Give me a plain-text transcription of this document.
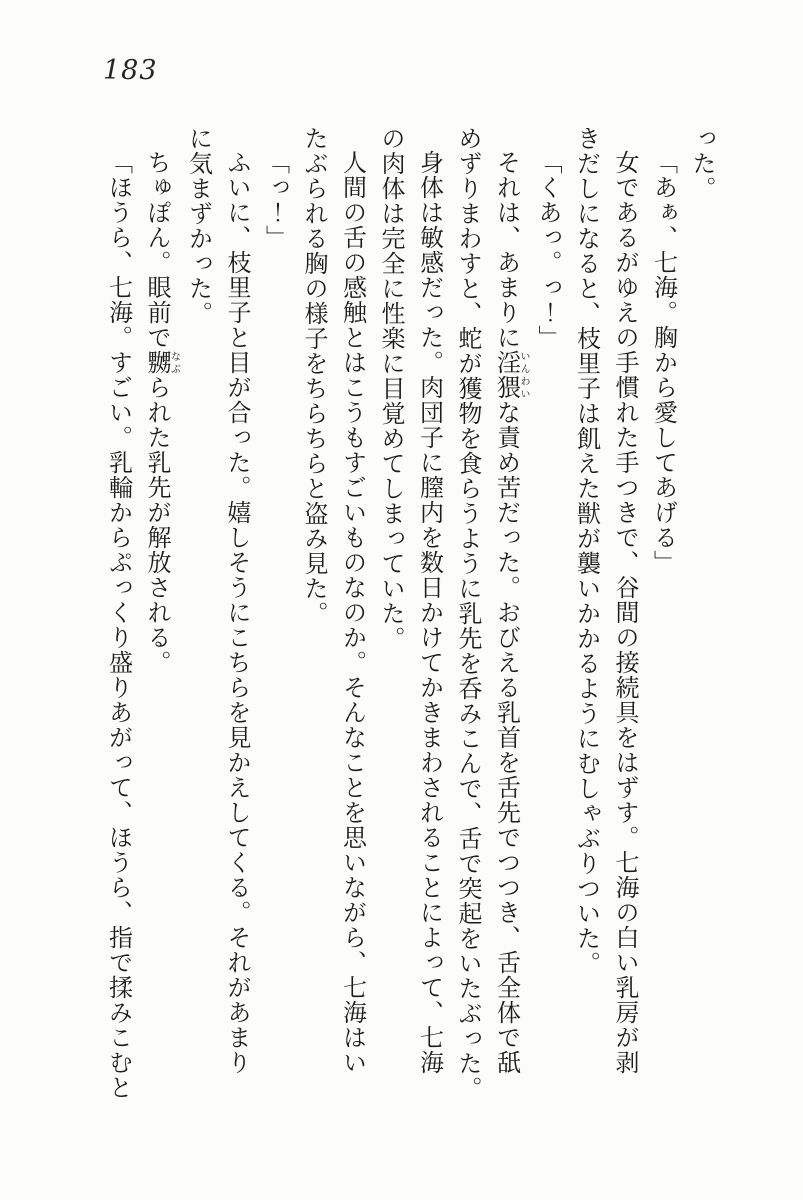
183

った。

「あぁ、七海。胸から愛してあげる」

女であるがゆえの手慣れた手つきで、谷間の接続具をはずす。七海の白い乳房が剥

きだしになると、枝里子は飢えた獣が襲いかかるようにむしゃぶりついた。

「くあっ。っ！」

それは、あまりに淫猥いんわいな責め苦だった。おびえる乳首を舌先でつつき、舌全体で舐

めずりまわすと、蛇が獲物を食らうように乳先を呑みこんで、舌で突起をいたぶった。

身体は敏感だった。肉団子に膣内を数日かけてかきまわされることによって、七海

の肉体は完全に性楽に目覚めてしまっていた。

人間の舌の感触とはこうもすごいものなのか。そんなことを思いながら、七海はい

たぶられる胸の様子をちらちらと盗み見た。

「っ！」

ふいに、枝里子と目が合った。嬉しそうにこちらを見かえしてくる。それがあまり

に気まずかった。

ちゅぽん。眼前で嬲なぶられた乳先が解放される。

「ほうら、七海。すごい。乳輪からぷっくり盛りあがって、ほうら、指で揉みこむと
